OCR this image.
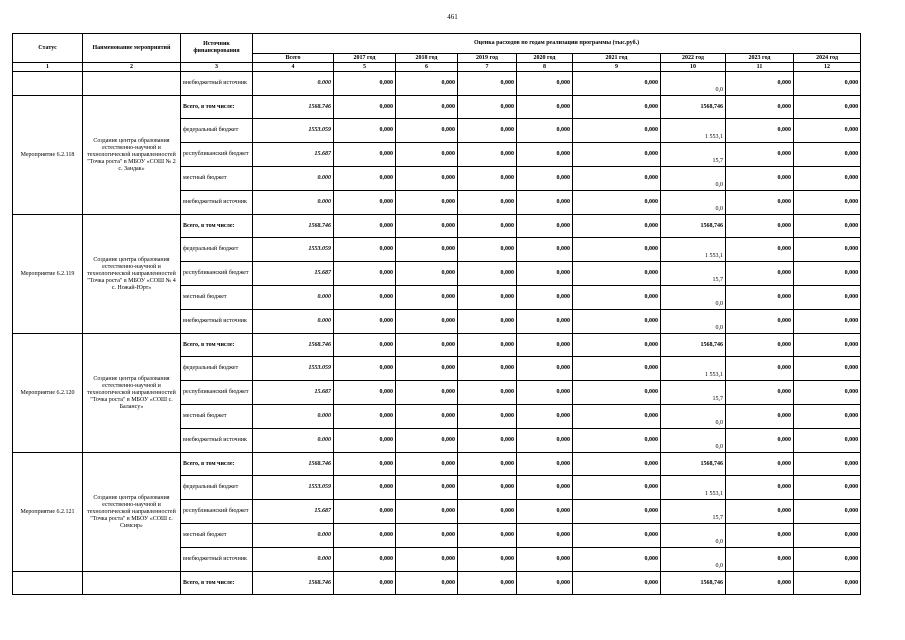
461
Статус	Наименование мероприятий	Источник финансирования	Оценка расходов по годам реализации программы (тыс.руб.)								
			Всего	2017 год	2018 год	2019 год	2020 год	2021 год	2022 год	2023 год	2024 год
1	2	3	4	5	6	7	8	9	10	11	12
		внебюджетный источник	0.000	0,000	0,000	0,000	0,000	0,000	0,0	0,000	0,000
Мероприятие 6.2.118	Создание центра образования естественно-научной и технологической направленностей "Точка роста" в МБОУ «СОШ № 2 с. Зандак»	Всего, в том числе:	1568.746	0,000	0,000	0,000	0,000	0,000	1568,746	0,000	0,000
		федеральный бюджет	1553.059	0,000	0,000	0,000	0,000	0,000	1 553,1	0,000	0,000
		республиканский бюджет	15.687	0,000	0,000	0,000	0,000	0,000	15,7	0,000	0,000
		местный бюджет	0.000	0,000	0,000	0,000	0,000	0,000	0,0	0,000	0,000
		внебюджетный источник	0.000	0,000	0,000	0,000	0,000	0,000	0,0	0,000	0,000
Мероприятие 6.2.119	Создание центра образования естественно-научной и технологической направленностей "Точка роста" в МБОУ «СОШ № 4 с. Ножай-Юрт»	Всего, в том числе:	1568.746	0,000	0,000	0,000	0,000	0,000	1568,746	0,000	0,000
		федеральный бюджет	1553.059	0,000	0,000	0,000	0,000	0,000	1 553,1	0,000	0,000
		республиканский бюджет	15.687	0,000	0,000	0,000	0,000	0,000	15,7	0,000	0,000
		местный бюджет	0.000	0,000	0,000	0,000	0,000	0,000	0,0	0,000	0,000
		внебюджетный источник	0.000	0,000	0,000	0,000	0,000	0,000	0,0	0,000	0,000
Мероприятие 6.2.120	Создание центра образования естественно-научной и технологической направленностей "Точка роста" в МБОУ «СОШ с. Балансу»	Всего, в том числе:	1568.746	0,000	0,000	0,000	0,000	0,000	1568,746	0,000	0,000
		федеральный бюджет	1553.059	0,000	0,000	0,000	0,000	0,000	1 553,1	0,000	0,000
		республиканский бюджет	15.687	0,000	0,000	0,000	0,000	0,000	15,7	0,000	0,000
		местный бюджет	0.000	0,000	0,000	0,000	0,000	0,000	0,0	0,000	0,000
		внебюджетный источник	0.000	0,000	0,000	0,000	0,000	0,000	0,0	0,000	0,000
Мероприятие 6.2.121	Создание центра образования естественно-научной и технологической направленностей "Точка роста" в МБОУ «СОШ с. Симсир»	Всего, в том числе:	1568.746	0,000	0,000	0,000	0,000	0,000	1568,746	0,000	0,000
		федеральный бюджет	1553.059	0,000	0,000	0,000	0,000	0,000	1 553,1	0,000	0,000
		республиканский бюджет	15.687	0,000	0,000	0,000	0,000	0,000	15,7	0,000	0,000
		местный бюджет	0.000	0,000	0,000	0,000	0,000	0,000	0,0	0,000	0,000
		внебюджетный источник	0.000	0,000	0,000	0,000	0,000	0,000	0,0	0,000	0,000
		Всего, в том числе:	1568.746	0,000	0,000	0,000	0,000	0,000	1568,746	0,000	0,000
